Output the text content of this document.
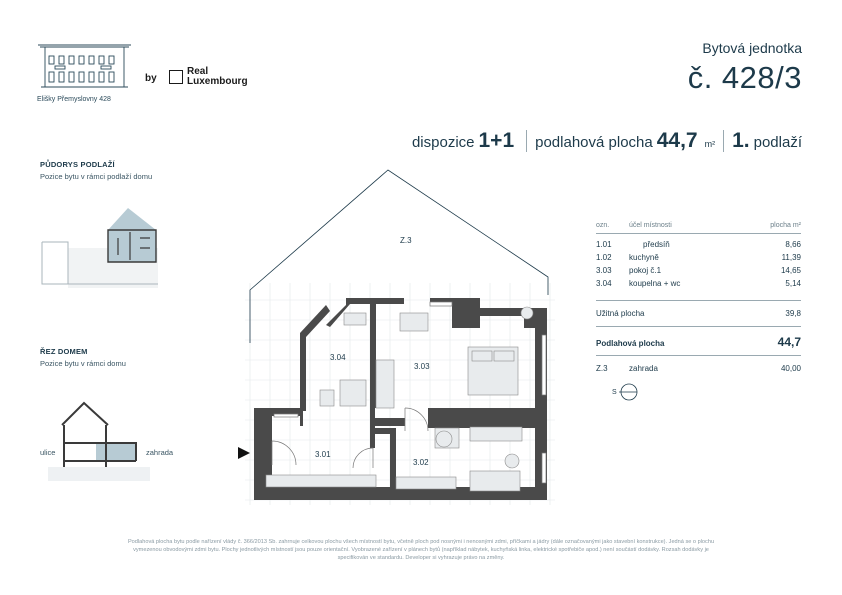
Elišky Přemyslovny 428
by
Real
Luxembourg
Bytová jednotka
č. 428/3
dispozice 1+1 podlahová plocha 44,7 m² 1. podlaží
PŮDORYS PODLAŽÍ
Pozice bytu v rámci podlaží domu
ŘEZ DOMEM
Pozice bytu v rámci domu
ulice	zahrada
Z.3
3.04
3.03
3.01
3.02
ozn.	účel místnosti	plocha m²
1.01	předsíň	8,66
1.02	kuchyně	11,39
3.03	pokoj č.1	14,65
3.04	koupelna + wc	5,14
Užitná plocha	39,8
Podlahová plocha	44,7
Z.3	zahrada	40,00
S
Podlahová plocha bytu podle nařízení vlády č. 366/2013 Sb. zahrnuje celkovou plochu všech místností bytu, včetně ploch pod nosnými i nenosnými zdmi, příčkami a jádry (dále označovanými jako stavební konstrukce). Jedná se o plochu
vymezenou obvodovými zdmi bytu. Plochy jednotlivých místností jsou pouze orientační. Vyobrazené zařízení v plánech bytů (například nábytek, kuchyňská linka, elektrické spotřebiče apod.) není součástí dodávky. Rozsah dodávky je
specifikován ve standardu. Developer si vyhrazuje právo na změny.
